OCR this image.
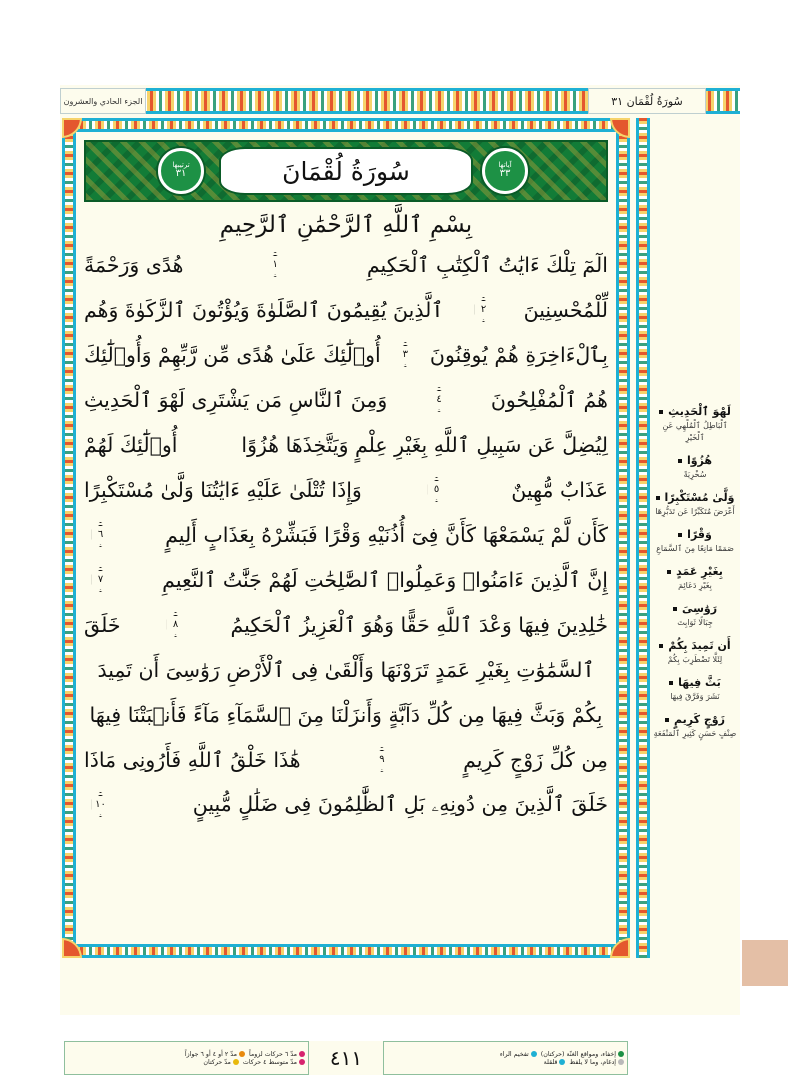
سُورَةُ لُقْمَان ٣١
الجزء الحادي والعشرون
آياتها
٣٣
سُورَةُ لُقْمَانَ
ترتيبها
٣١
بِسْمِ ٱللَّهِ ٱلرَّحْمَٰنِ ٱلرَّحِيمِ
الٓمٓ تِلْكَ ءَايَٰتُ ٱلْكِتَٰبِ ٱلْحَكِيمِ
١
هُدًى وَرَحْمَةً
لِّلْمُحْسِنِينَ
٢
ٱلَّذِينَ يُقِيمُونَ ٱلصَّلَوٰةَ وَيُؤْتُونَ ٱلزَّكَوٰةَ وَهُم
بِٱلْءَاخِرَةِ هُمْ يُوقِنُونَ
٣
أُو۟لَٰٓئِكَ عَلَىٰ هُدًى مِّن رَّبِّهِمْ وَأُو۟لَٰٓئِكَ
هُمُ ٱلْمُفْلِحُونَ
٤
وَمِنَ ٱلنَّاسِ مَن يَشْتَرِى لَهْوَ ٱلْحَدِيثِ
لِيُضِلَّ عَن سَبِيلِ ٱللَّهِ بِغَيْرِ عِلْمٍ وَيَتَّخِذَهَا هُزُوًا
أُو۟لَٰٓئِكَ لَهُمْ
عَذَابٌ مُّهِينٌ
٥
وَإِذَا تُتْلَىٰ عَلَيْهِ ءَايَٰتُنَا وَلَّىٰ مُسْتَكْبِرًا
كَأَن لَّمْ يَسْمَعْهَا كَأَنَّ فِىٓ أُذُنَيْهِ وَقْرًا فَبَشِّرْهُ بِعَذَابٍ أَلِيمٍ
٦
إِنَّ ٱلَّذِينَ ءَامَنُوا۟ وَعَمِلُوا۟ ٱلصَّٰلِحَٰتِ لَهُمْ جَنَّٰتُ ٱلنَّعِيمِ
٧
خَٰلِدِينَ فِيهَا وَعْدَ ٱللَّهِ حَقًّا وَهُوَ ٱلْعَزِيزُ ٱلْحَكِيمُ
٨
خَلَقَ
ٱلسَّمَٰوَٰتِ بِغَيْرِ عَمَدٍ تَرَوْنَهَا وَأَلْقَىٰ فِى ٱلْأَرْضِ رَوَٰسِىَ أَن تَمِيدَ
بِكُمْ وَبَثَّ فِيهَا مِن كُلِّ دَآبَّةٍ وَأَنزَلْنَا مِنَ ٱلسَّمَآءِ مَآءً فَأَنۢبَتْنَا فِيهَا
مِن كُلِّ زَوْجٍ كَرِيمٍ
٩
هَٰذَا خَلْقُ ٱللَّهِ فَأَرُونِى مَاذَا
خَلَقَ ٱلَّذِينَ مِن دُونِهِۦ بَلِ ٱلظَّٰلِمُونَ فِى ضَلَٰلٍ مُّبِينٍ
١٠
لَهْوَ ٱلْحَدِيثِ
ٱلْبَاطِلُ ٱلْمُلْهِي عَنِ ٱلْخَيْرِ
هُزُوًا
سُخْرِيَةً
وَلَّىٰ مُسْتَكْبِرًا
أَعْرَضَ مُتَكَبِّرًا عَن تَدَبُّرِهَا
وَقْرًا
صَمَمًا مَانِعًا مِنَ ٱلسَّمَاعِ
بِغَيْرِ عَمَدٍ
بِغَيْرِ دَعَائِمَ
رَوَٰسِىَ
جِبَالًا ثَوَابِتَ
أَن تَمِيدَ بِكُمْ
لِئَلَّا تَضْطَرِبَ بِكُمْ
بَثَّ فِيهَا
نَشَرَ وَفَرَّقَ فِيهَا
زَوْجٍ كَرِيمٍ
صِنْفٍ حَسَنٍ كَثِيرِ ٱلْمَنْفَعَةِ
إخفاء، ومواقع الغنّة (حركتان)
تفخيم الراء
إدغام، وما لا يلفظ
قلقلة
٤١١
مدّ ٦ حركات لزوماً
مدّ ٢ أو ٤ أو ٦ جوازاً
مدّ متوسط ٤ حركات
مدّ حركتان
